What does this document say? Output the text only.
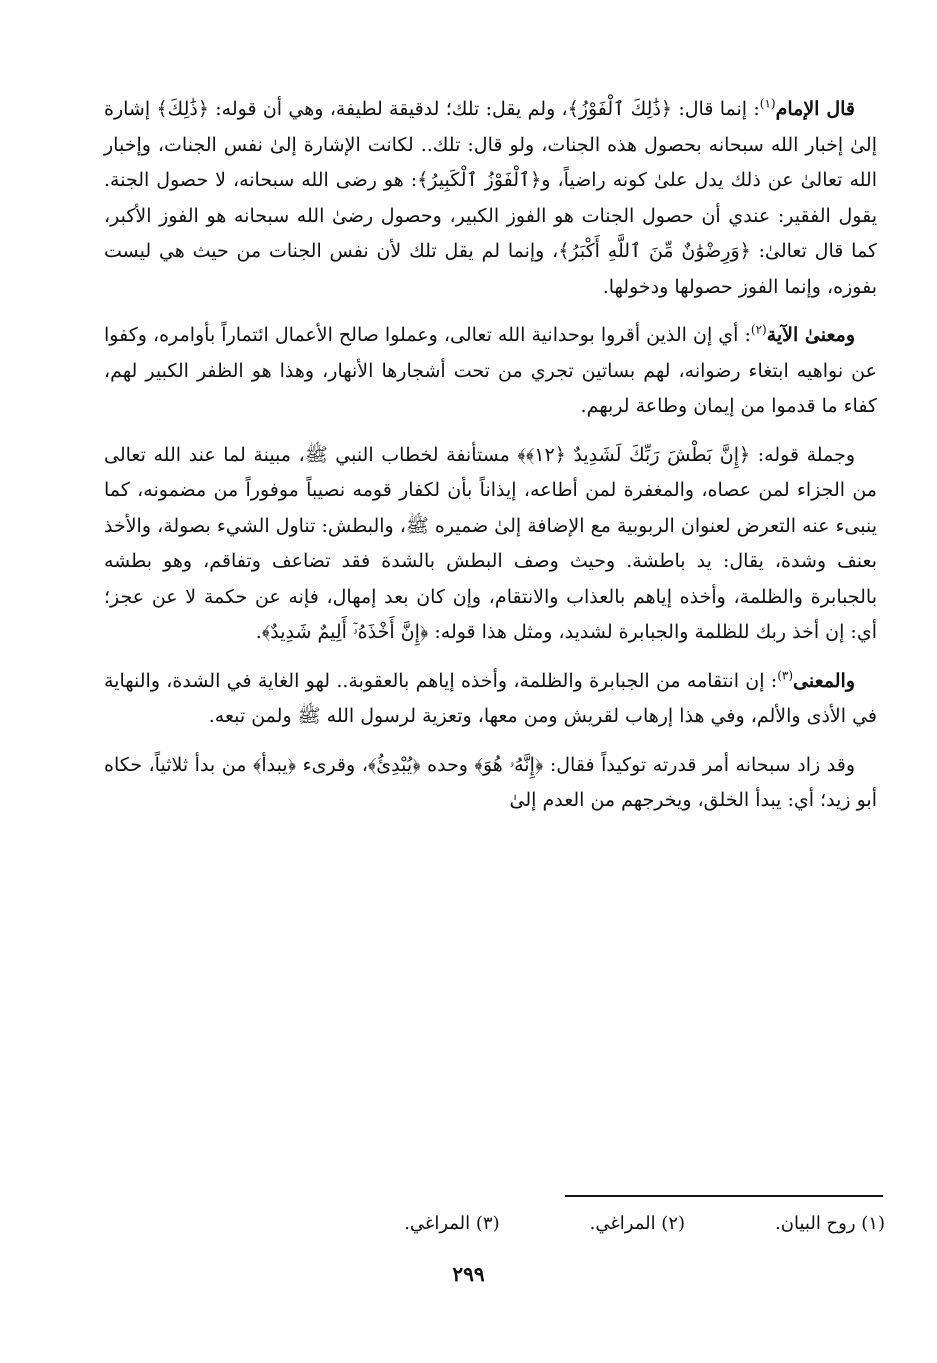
قال الإمام$^{(١)}$: إنما قال: ﴿ذَٰلِكَ ٱلْفَوْزُ﴾، ولم يقل: تلك؛ لدقيقة لطيفة، وهي أن قوله: ﴿ذَٰلِكَ﴾ إشارة إلىٰ إخبار الله سبحانه بحصول هذه الجنات، ولو قال: تلك.. لكانت الإشارة إلىٰ نفس الجنات، وإخبار الله تعالىٰ عن ذلك يدل علىٰ كونه راضياً، و﴿ٱلْفَوْزُ ٱلْكَبِيرُ﴾: هو رضى الله سبحانه، لا حصول الجنة. يقول الفقير: عندي أن حصول الجنات هو الفوز الكبير، وحصول رضىٰ الله سبحانه هو الفوز الأكبر، كما قال تعالىٰ: ﴿وَرِضْوَٰنٌ مِّنَ ٱللَّهِ أَكْبَرُ﴾، وإنما لم يقل تلك لأن نفس الجنات من حيث هي ليست بفوزه، وإنما الفوز حصولها ودخولها.

ومعنىٰ الآية$^{(٢)}$: أي إن الذين أقروا بوحدانية الله تعالى، وعملوا صالح الأعمال ائتماراً بأوامره، وكفوا عن نواهيه ابتغاء رضوانه، لهم بساتين تجري من تحت أشجارها الأنهار، وهذا هو الظفر الكبير لهم، كفاء ما قدموا من إيمان وطاعة لربهم.

وجملة قوله: ﴿إِنَّ بَطْشَ رَبِّكَ لَشَدِيدٌ ﴿١٢﴾﴾ مستأنفة لخطاب النبي ﷺ، مبينة لما عند الله تعالى من الجزاء لمن عصاه، والمغفرة لمن أطاعه، إيذاناً بأن لكفار قومه نصيباً موفوراً من مضمونه، كما ينبىء عنه التعرض لعنوان الربوبية مع الإضافة إلىٰ ضميره ﷺ، والبطش: تناول الشيء بصولة، والأخذ بعنف وشدة، يقال: يد باطشة. وحيث وصف البطش بالشدة فقد تضاعف وتفاقم، وهو بطشه بالجبابرة والظلمة، وأخذه إياهم بالعذاب والانتقام، وإن كان بعد إمهال، فإنه عن حكمة لا عن عجز؛ أي: إن أخذ ربك للظلمة والجبابرة لشديد، ومثل هذا قوله: ﴿إِنَّ أَخْذَهُۥٓ أَلِيمٌ شَدِيدٌ﴾.

والمعنى$^{(٣)}$: إن انتقامه من الجبابرة والظلمة، وأخذه إياهم بالعقوبة.. لهو الغاية في الشدة، والنهاية في الأذى والألم، وفي هذا إرهاب لقريش ومن معها، وتعزية لرسول الله ﷺ ولمن تبعه.

وقد زاد سبحانه أمر قدرته توكيداً فقال: ﴿إِنَّهُۥ هُوَ﴾ وحده ﴿يُبْدِئُ﴾، وقرىء ﴿يبدأ﴾ من بدأ ثلاثياً، حكاه أبو زيد؛ أي: يبدأ الخلق، ويخرجهم من العدم إلىٰ

(١) روح البيان.
(٢) المراغي.
(٣) المراغي.
٢٩٩
